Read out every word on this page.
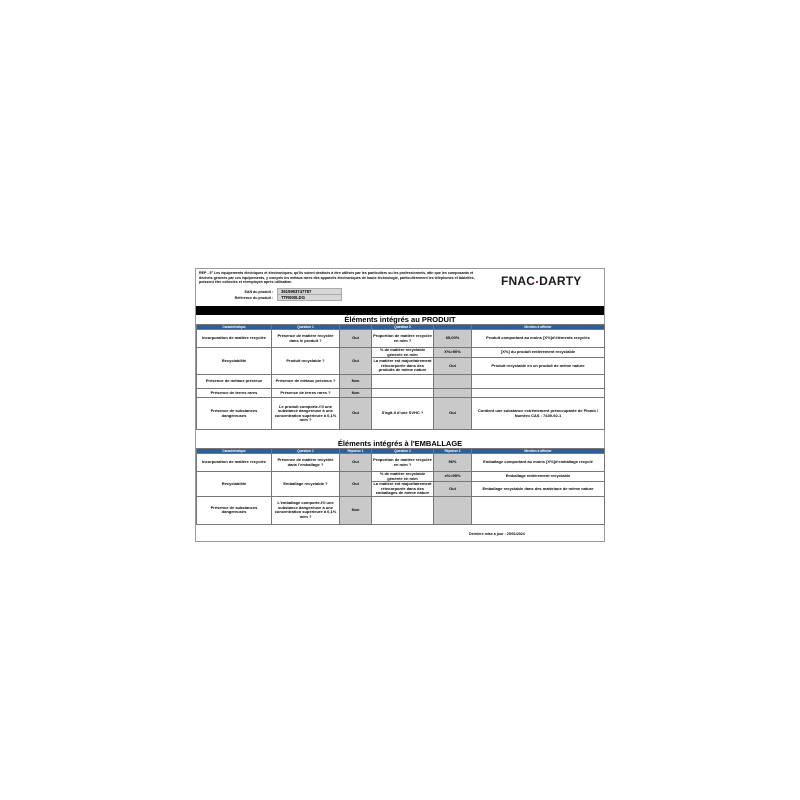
REP - 5° Les équipements électriques et électroniques, qu'ils soient destinés à être utilisés par les particuliers ou les professionnels, afin que les composants et déchets générés par ces équipements, y compris les métaux rares des appareils électroniques de haute technologie, particulièrement les téléphones et tablettes, puissent être collectés et réemployés après utilisation	FNAC DARTY
EAN du produit :	3615993747787
Référence du produit :	TTR900LDG
Éléments intégrés au PRODUIT
Caractéristique	Question 1		Question 2		Mention à afficher
Incorporation de matière recyclée	Présence de matière recyclée dans le produit ?	Oui	Proportion de matière recyclée en m/m ?	65,00%	Produit comportant au moins [X%]d'éléments recyclés
Recyclabilité	Produit recyclable ?	Oui	% de matière recyclable générée en m/m	X%>50%	[X%] du produit entièrement recyclable
			La matière est majoritairement réincorporée dans des produits de même nature	Oui	Produit recyclable en un produit de même nature
Présence de métaux précieux	Présence de métaux précieux ?	Non			
Présence de terres rares	Présence de terres rares ?	Non			
Présence de substances dangereuses	Le produit comporte-t'il une substance dangereuse à une concentration supérieure à 0,1% m/m ?	Oui	S'agit-il d'une SVHC ?	Oui	Contient une substance extrêmement préoccupante de Plomb / Numéro CAS : 7439-92-1
Éléments intégrés à l'EMBALLAGE
Caractéristique	Question 1	Réponse 1	Question 2	Réponse 2	Mention à afficher
Incorporation de matière recyclée	Présence de matière recyclée dans l'emballage ?	Oui	Proportion de matière recyclée en m/m ?	96%	Emballage comportant au moins [X%]d'emballage recyclé
Recyclabilité	Emballage recyclable ?	Oui	% de matière recyclable générée en m/m	x%>95%	Emballage entièrement recyclable
			La matière est majoritairement réincorporée dans des emballages de même nature	Oui	Emballage recyclable dans des matériaux de même nature
Présence de substances dangereuses	L'emballage comporte-t'il une substance dangereuse à une concentration supérieure à 0,1% m/m ?	Non			
Dernière mise à jour : 25/01/2024
